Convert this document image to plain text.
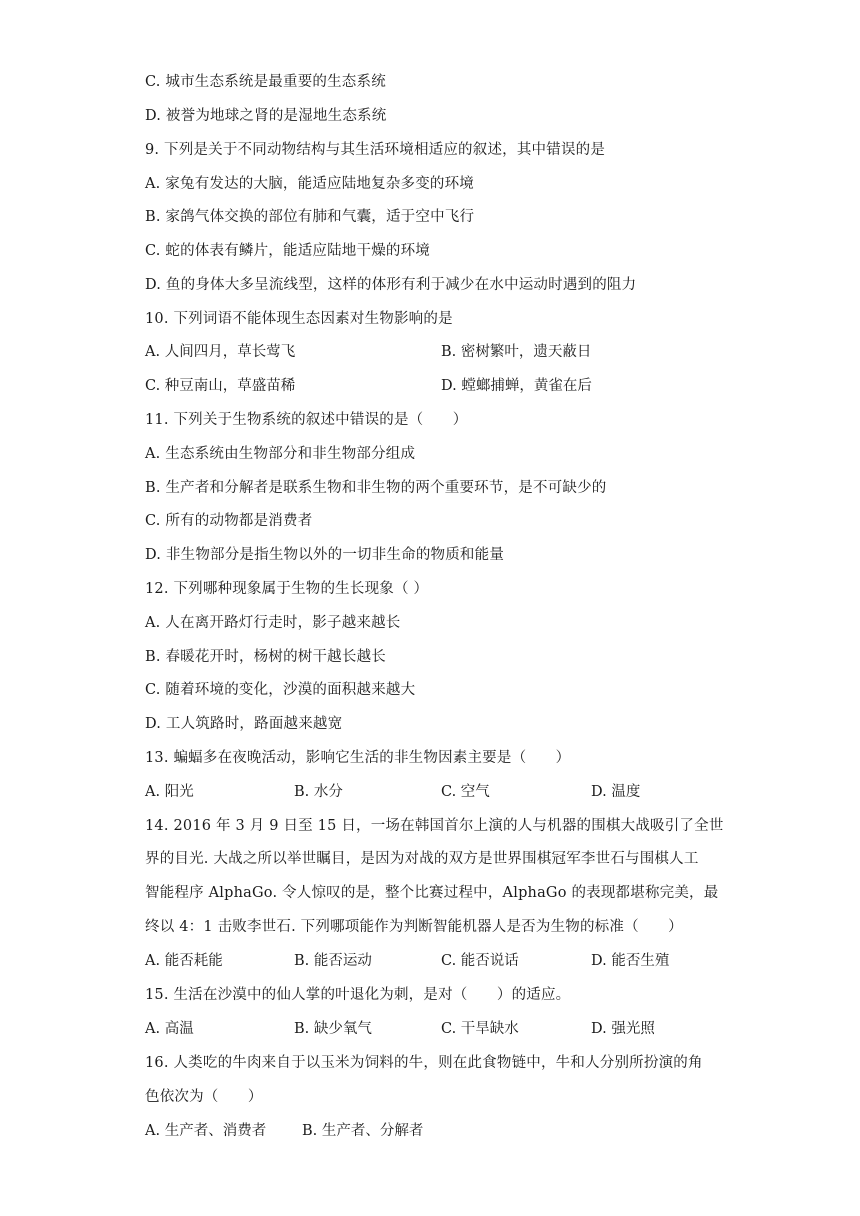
C. 城市生态系统是最重要的生态系统
D. 被誉为地球之肾的是湿地生态系统
9. 下列是关于不同动物结构与其生活环境相适应的叙述，其中错误的是
A. 家兔有发达的大脑，能适应陆地复杂多变的环境
B. 家鸽气体交换的部位有肺和气囊，适于空中飞行
C. 蛇的体表有鳞片，能适应陆地干燥的环境
D. 鱼的身体大多呈流线型，这样的体形有利于减少在水中运动时遇到的阻力
10. 下列词语不能体现生态因素对生物影响的是
A. 人间四月，草长莺飞	B. 密树繁叶，遗天蔽日
C. 种豆南山，草盛苗稀	D. 螳螂捕蝉，黄雀在后
11. 下列关于生物系统的叙述中错误的是（　　）
A. 生态系统由生物部分和非生物部分组成
B. 生产者和分解者是联系生物和非生物的两个重要环节，是不可缺少的
C. 所有的动物都是消费者
D. 非生物部分是指生物以外的一切非生命的物质和能量
12. 下列哪种现象属于生物的生长现象（ ）
A. 人在离开路灯行走时，影子越来越长
B. 春暖花开时，杨树的树干越长越长
C. 随着环境的变化，沙漠的面积越来越大
D. 工人筑路时，路面越来越宽
13. 蝙蝠多在夜晚活动，影响它生活的非生物因素主要是（　　）
A. 阳光	B. 水分	C. 空气	D. 温度
14. 2016 年 3 月 9 日至 15 日，一场在韩国首尔上演的人与机器的围棋大战吸引了全世
界的目光. 大战之所以举世瞩目，是因为对战的双方是世界围棋冠军李世石与围棋人工
智能程序 AlphaGo. 令人惊叹的是，整个比赛过程中，AlphaGo 的表现都堪称完美，最
终以 4：1 击败李世石. 下列哪项能作为判断智能机器人是否为生物的标准（　　）
A. 能否耗能	B. 能否运动	C. 能否说话	D. 能否生殖
15. 生活在沙漠中的仙人掌的叶退化为刺，是对（　　）的适应。
A. 高温	B. 缺少氧气	C. 干旱缺水	D. 强光照
16. 人类吃的牛肉来自于以玉米为饲料的牛，则在此食物链中，牛和人分别所扮演的角
色依次为（　　）
A. 生产者、消费者 B. 生产者、分解者
